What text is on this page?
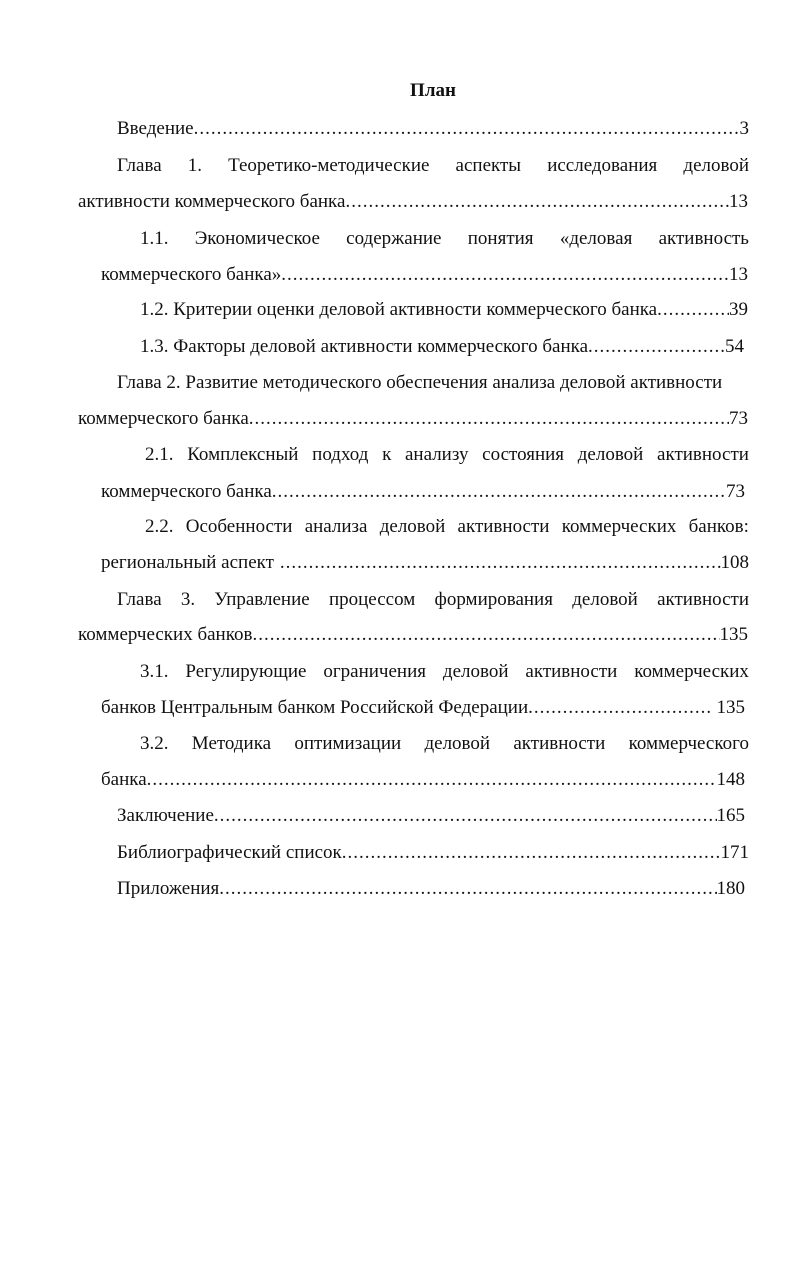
План
Введение .....	3
Глава 1. Теоретико-методические аспекты исследования деловой
активности коммерческого банка .....	13
1.1. Экономическое содержание понятия «деловая активность
коммерческого банка» .....	13
1.2. Критерии оценки деловой активности коммерческого банка .....	39
1.3. Факторы деловой активности коммерческого банка .....	54
Глава 2. Развитие методического обеспечения анализа деловой активности
коммерческого банка .....	73
2.1. Комплексный подход к анализу состояния деловой активности
коммерческого банка .....	73
2.2. Особенности анализа деловой активности коммерческих банков:
региональный аспект .....	108
Глава 3. Управление процессом формирования деловой активности
коммерческих банков .....	135
3.1. Регулирующие ограничения деловой активности коммерческих
банков Центральным банком Российской Федерации .....	135
3.2. Методика оптимизации деловой активности коммерческого
банка .....	148
Заключение .....	165
Библиографический список .....	171
Приложения .....	180
